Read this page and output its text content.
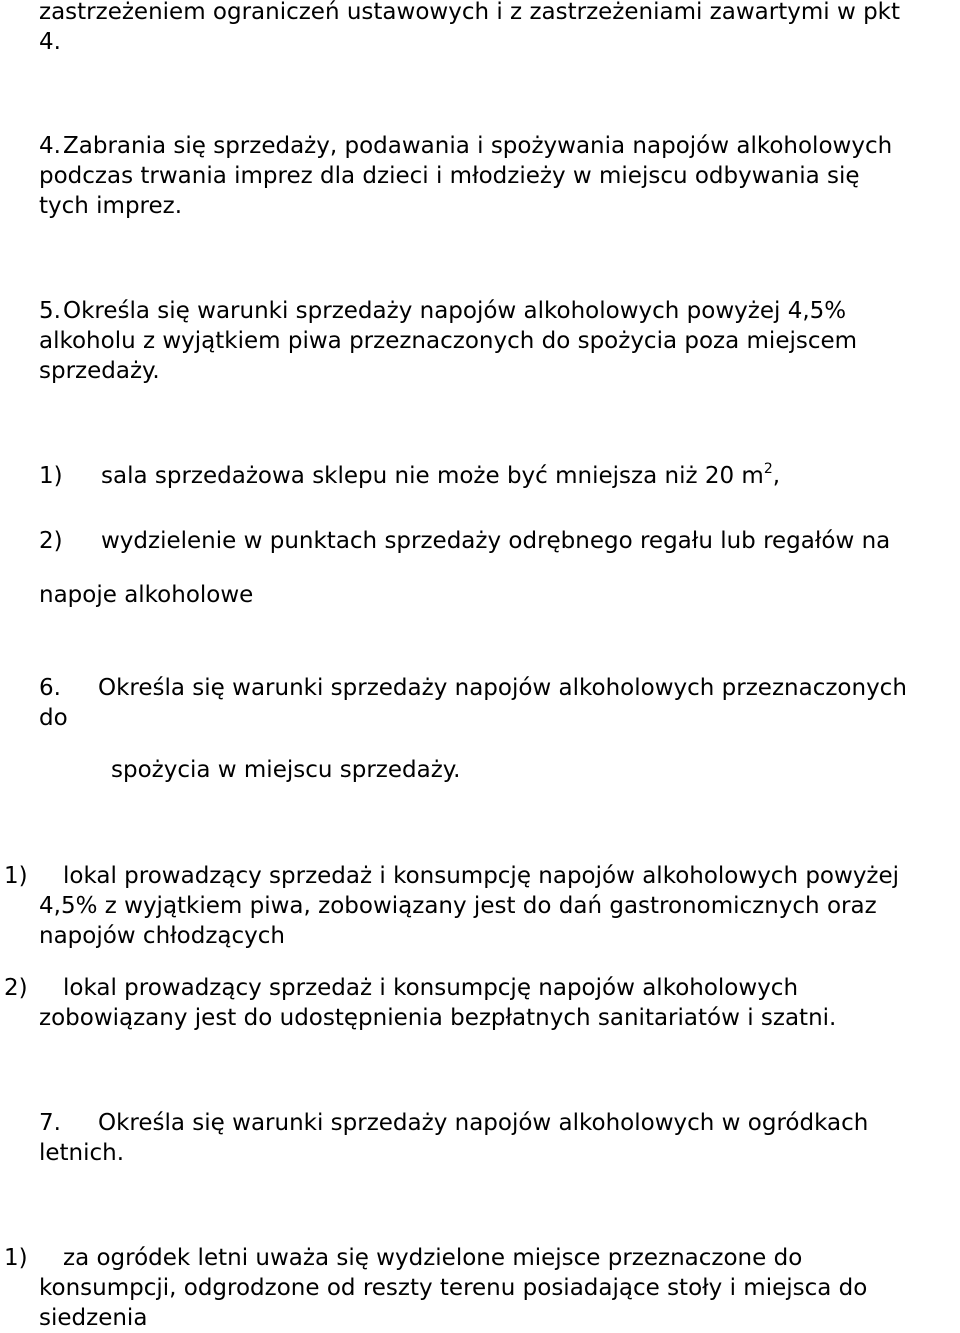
zastrzeżeniem ograniczeń ustawowych i z zastrzeżeniami zawartymi w pkt
4.
4.Zabrania się sprzedaży, podawania i spożywania napojów alkoholowych
podczas trwania imprez dla dzieci i młodzieży w miejscu odbywania się
tych imprez.
5.Określa się warunki sprzedaży napojów alkoholowych powyżej 4,5%
alkoholu z wyjątkiem piwa przeznaczonych do spożycia poza miejscem
sprzedaży.
1) sala sprzedażowa sklepu nie może być mniejsza niż 20 $m^2$,
2) wydzielenie w punktach sprzedaży odrębnego regału lub regałów na
napoje alkoholowe
6. Określa się warunki sprzedaży napojów alkoholowych przeznaczonych
do
spożycia w miejscu sprzedaży.
1) lokal prowadzący sprzedaż i konsumpcję napojów alkoholowych powyżej
4,5% z wyjątkiem piwa, zobowiązany jest do dań gastronomicznych oraz
napojów chłodzących
2) lokal prowadzący sprzedaż i konsumpcję napojów alkoholowych
zobowiązany jest do udostępnienia bezpłatnych sanitariatów i szatni.
7. Określa się warunki sprzedaży napojów alkoholowych w ogródkach
letnich.
1) za ogródek letni uważa się wydzielone miejsce przeznaczone do
konsumpcji, odgrodzone od reszty terenu posiadające stoły i miejsca do
siedzenia
